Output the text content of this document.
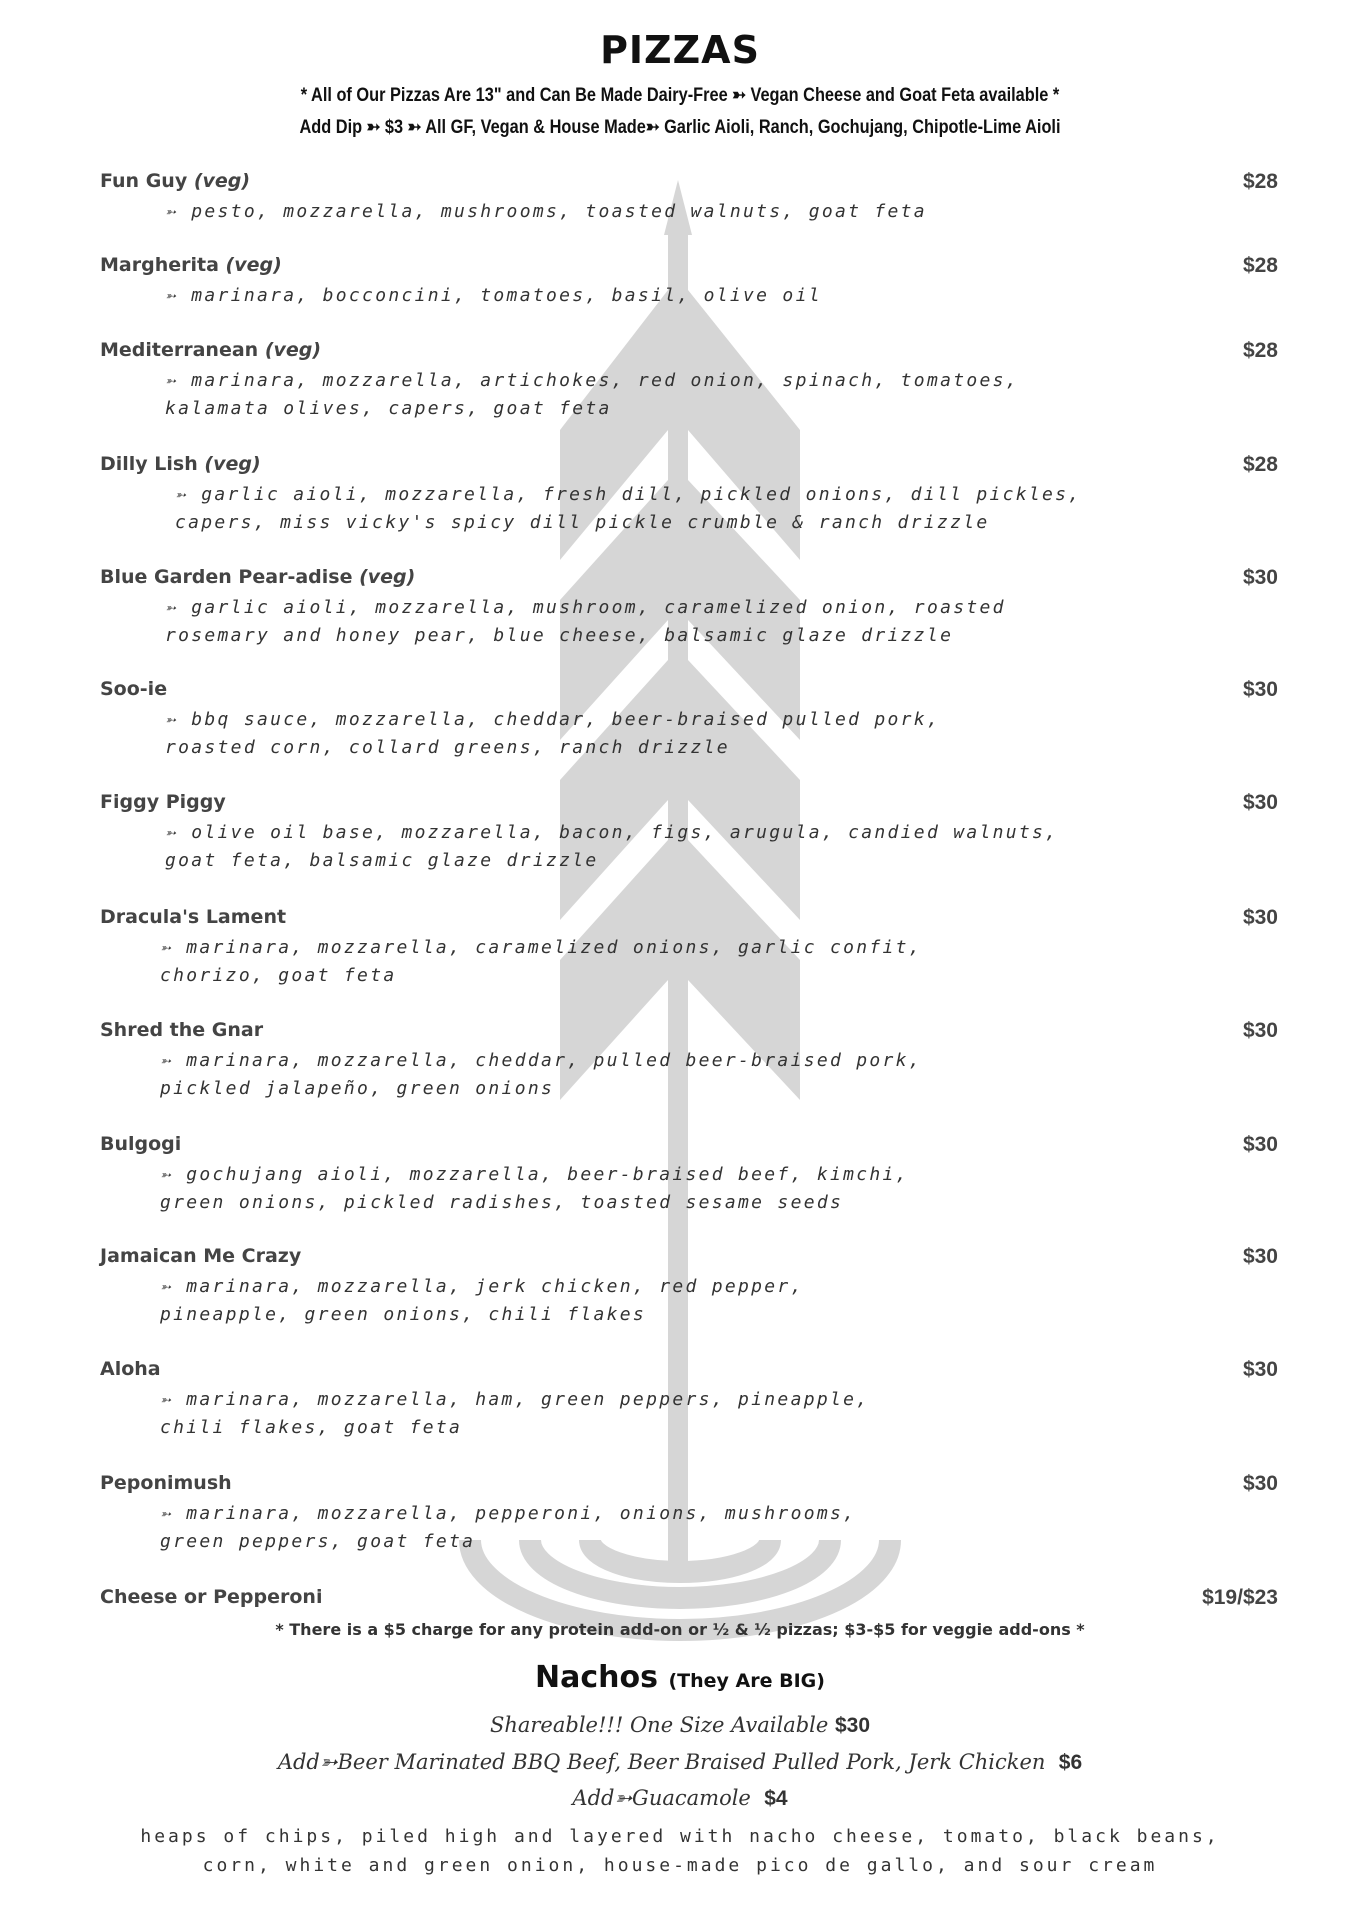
PIZZAS
* All of Our Pizzas Are 13" and Can Be Made Dairy-Free ➳ Vegan Cheese and Goat Feta available *
Add Dip ➳ $3 ➳ All GF, Vegan & House Made➳ Garlic Aioli, Ranch, Gochujang, Chipotle-Lime Aioli
Fun Guy (veg)	$28
➳ pesto, mozzarella, mushrooms, toasted walnuts, goat feta
Margherita (veg)	$28
➳ marinara, bocconcini, tomatoes, basil, olive oil
Mediterranean (veg)	$28
➳ marinara, mozzarella, artichokes, red onion, spinach, tomatoes,
kalamata olives, capers, goat feta
Dilly Lish (veg)	$28
➳ garlic aioli, mozzarella, fresh dill, pickled onions, dill pickles,
capers, miss vicky's spicy dill pickle crumble & ranch drizzle
Blue Garden Pear-adise (veg)	$30
➳ garlic aioli, mozzarella, mushroom, caramelized onion, roasted
rosemary and honey pear, blue cheese, balsamic glaze drizzle
Soo-ie	$30
➳ bbq sauce, mozzarella, cheddar, beer-braised pulled pork,
roasted corn, collard greens, ranch drizzle
Figgy Piggy	$30
➳ olive oil base, mozzarella, bacon, figs, arugula, candied walnuts,
goat feta, balsamic glaze drizzle
Dracula's Lament	$30
➳ marinara, mozzarella, caramelized onions, garlic confit,
chorizo, goat feta
Shred the Gnar	$30
➳ marinara, mozzarella, cheddar, pulled beer-braised pork,
pickled jalapeño, green onions
Bulgogi	$30
➳ gochujang aioli, mozzarella, beer-braised beef, kimchi,
green onions, pickled radishes, toasted sesame seeds
Jamaican Me Crazy	$30
➳ marinara, mozzarella, jerk chicken, red pepper,
pineapple, green onions, chili flakes
Aloha	$30
➳ marinara, mozzarella, ham, green peppers, pineapple,
chili flakes, goat feta
Peponimush	$30
➳ marinara, mozzarella, pepperoni, onions, mushrooms,
green peppers, goat feta
Cheese or Pepperoni	$19/$23
* There is a $5 charge for any protein add-on or ½ & ½ pizzas; $3-$5 for veggie add-ons *
Nachos (They Are BIG)
Shareable!!! One Size Available $30
Add➳Beer Marinated BBQ Beef, Beer Braised Pulled Pork, Jerk Chicken $6
Add➳Guacamole $4
heaps of chips, piled high and layered with nacho cheese, tomato, black beans,
corn, white and green onion, house-made pico de gallo, and sour cream
